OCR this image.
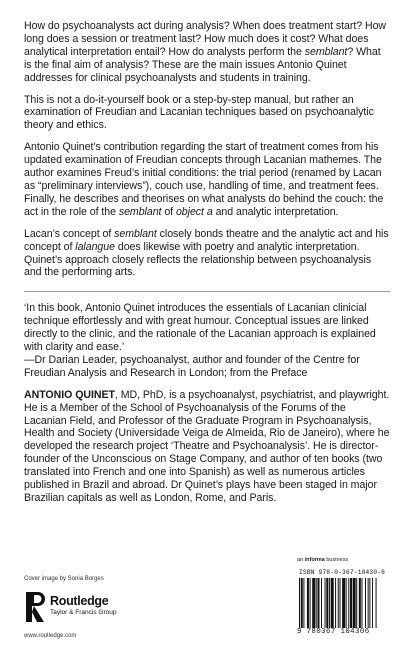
How do psychoanalysts act during analysis? When does treatment start? How long does a session or treatment last? How much does it cost? What does analytical interpretation entail? How do analysts perform the semblant? What is the final aim of analysis? These are the main issues Antonio Quinet addresses for clinical psychoanalysts and students in training.

This is not a do-it-yourself book or a step-by-step manual, but rather an examination of Freudian and Lacanian techniques based on psychoanalytic theory and ethics.

Antonio Quinet’s contribution regarding the start of treatment comes from his updated examination of Freudian concepts through Lacanian mathemes. The author examines Freud’s initial conditions: the trial period (renamed by Lacan as “preliminary interviews”), couch use, handling of time, and treatment fees. Finally, he describes and theorises on what analysts do behind the couch: the act in the role of the semblant of object a and analytic interpretation.

Lacan’s concept of semblant closely bonds theatre and the analytic act and his concept of lalangue does likewise with poetry and analytic interpretation. Quinet’s approach closely reflects the relationship between psychoanalysis and the performing arts.

‘In this book, Antonio Quinet introduces the essentials of Lacanian clinicial technique effortlessly and with great humour. Conceptual issues are linked directly to the clinic, and the rationale of the Lacanian approach is explained with clarity and ease.’

—Dr Darian Leader, psychoanalyst, author and founder of the Centre for Freudian Analysis and Research in London; from the Preface

ANTONIO QUINET, MD, PhD, is a psychoanalyst, psychiatrist, and playwright. He is a Member of the School of Psychoanalysis of the Forums of the Lacanian Field, and Professor of the Graduate Program in Psychoanalysis, Health and Society (Universidade Veiga de Almeida, Rio de Janeiro), where he developed the research project ‘Theatre and Psychoanalysis’. He is director-founder of the Unconscious on Stage Company, and author of ten books (two translated into French and one into Spanish) as well as numerous articles published in Brazil and abroad. Dr Quinet’s plays have been staged in major Brazilian capitals as well as London, Rome, and Paris.

Cover image by Sonia Borges
Routledge
Taylor & Francis Group
www.routledge.com
an informa business
ISBN 978-0-367-10430-6
9 780367 104306
